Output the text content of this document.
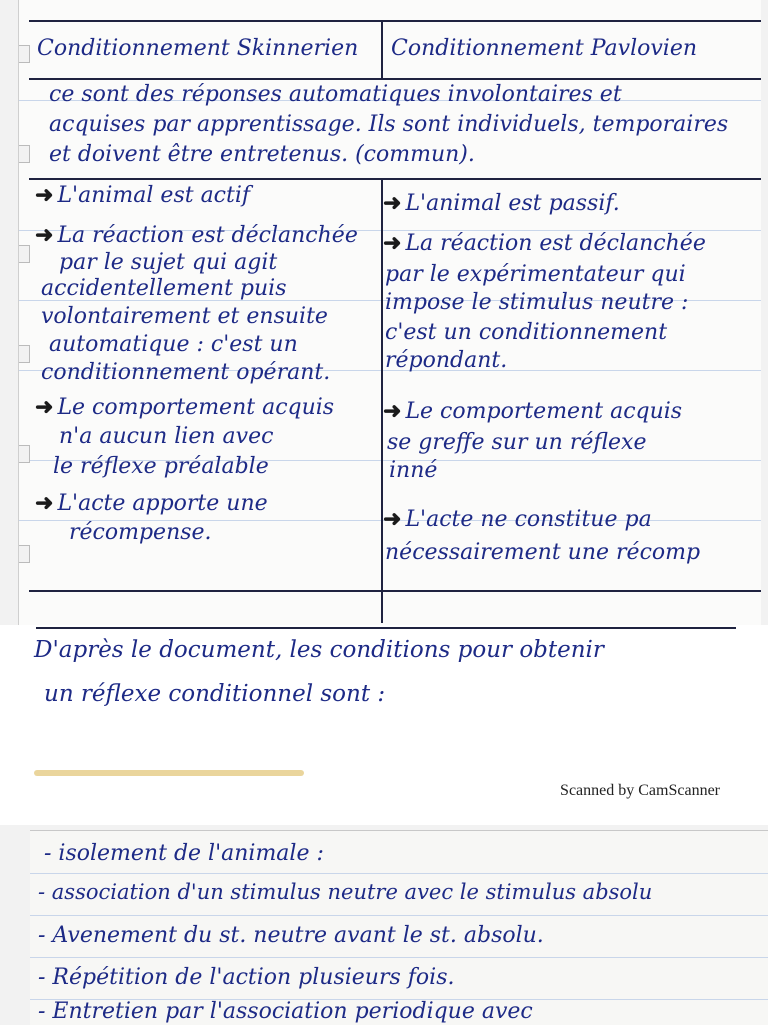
Conditionnement Skinnerien Conditionnement Pavlovien
ce sont des réponses automatiques involontaires et
acquises par apprentissage. Ils sont individuels, temporaires
et doivent être entretenus. (commun).
➜ L'animal est actif
➜ La réaction est déclanchée
par le sujet qui agit
accidentellement puis
volontairement et ensuite
automatique : c'est un
conditionnement opérant.
➜ Le comportement acquis
n'a aucun lien avec
le réflexe préalable
➜ L'acte apporte une
récompense.
➜ L'animal est passif.
➜ La réaction est déclanchée
par le expérimentateur qui
impose le stimulus neutre :
c'est un conditionnement
répondant.
➜ Le comportement acquis
se greffe sur un réflexe
inné
➜ L'acte ne constitue pa
nécessairement une récomp
D'après le document, les conditions pour obtenir
un réflexe conditionnel sont :
Scanned by CamScanner
- isolement de l'animale :
- association d'un stimulus neutre avec le stimulus absolu
- Avenement du st. neutre avant le st. absolu.
- Répétition de l'action plusieurs fois.
- Entretien par l'association periodique avec
